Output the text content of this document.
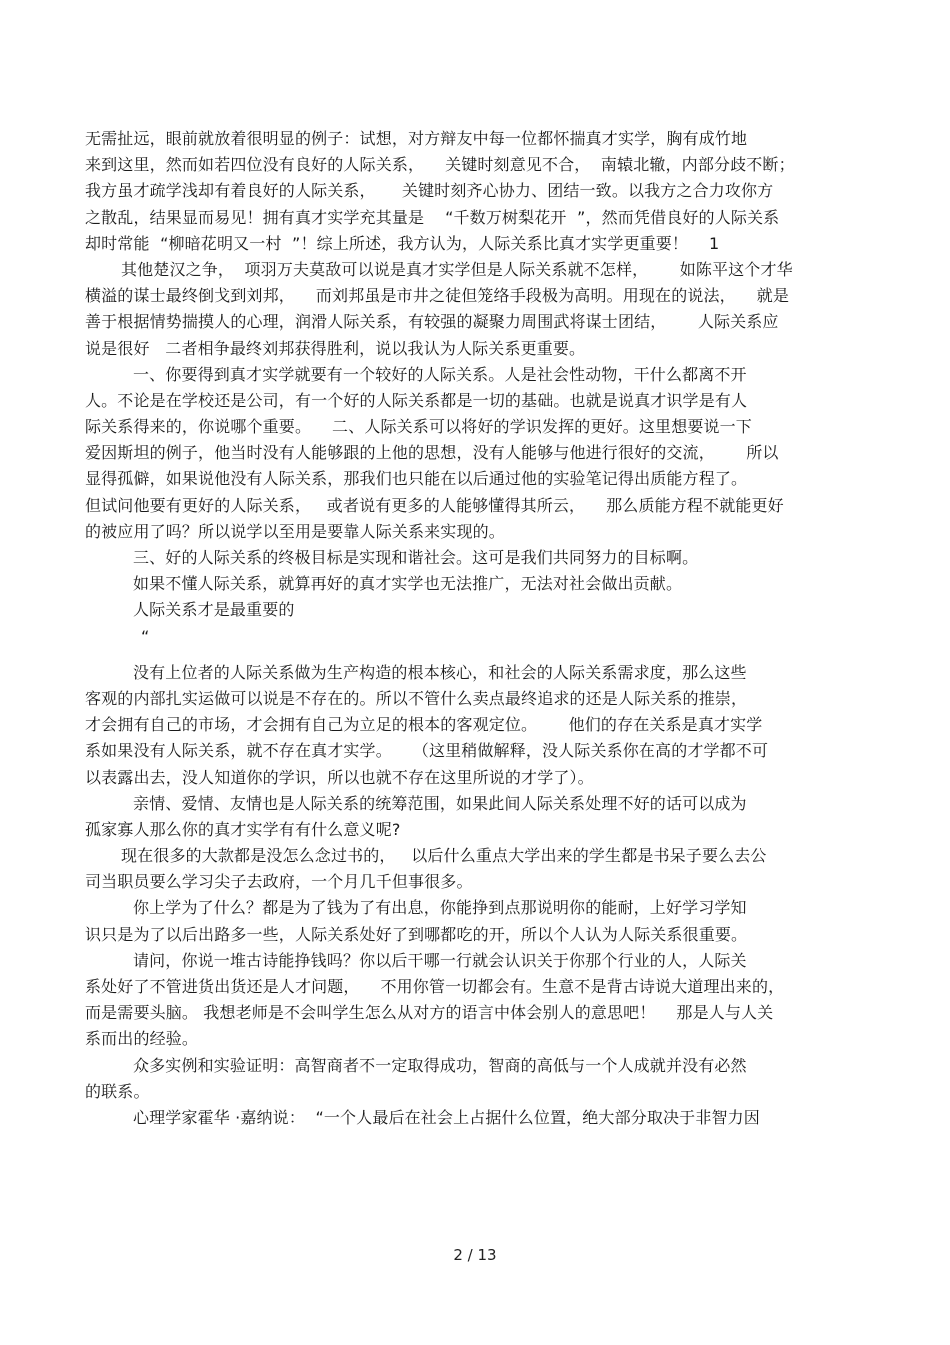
无需扯远，眼前就放着很明显的例子：试想，对方辩友中每一位都怀揣真才实学，胸有成竹地
来到这里，然而如若四位没有良好的人际关系，    关键时刻意见不合，  南辕北辙，内部分歧不断；
我方虽才疏学浅却有着良好的人际关系，     关键时刻齐心协力、团结一致。以我方之合力攻你方
之散乱，结果显而易见！拥有真才实学充其量是    “千数万树梨花开  ”，然而凭借良好的人际关系
却时常能  “柳暗花明又一村  ”！综上所述，我方认为，人际关系比真才实学更重要！    1
其他楚汉之争，  项羽万夫莫敌可以说是真才实学但是人际关系就不怎样，      如陈平这个才华
横溢的谋士最终倒戈到刘邦，    而刘邦虽是市井之徒但笼络手段极为高明。用现在的说法，    就是
善于根据情势揣摸人的心理，润滑人际关系，有较强的凝聚力周围武将谋士团结，      人际关系应
说是很好   二者相争最终刘邦获得胜利，说以我认为人际关系更重要。
一、你要得到真才实学就要有一个较好的人际关系。人是社会性动物，干什么都离不开
人。不论是在学校还是公司，有一个好的人际关系都是一切的基础。也就是说真才识学是有人
际关系得来的，你说哪个重要。    二、人际关系可以将好的学识发挥的更好。这里想要说一下
爱因斯坦的例子，他当时没有人能够跟的上他的思想，没有人能够与他进行很好的交流，      所以
显得孤僻，如果说他没有人际关系，那我们也只能在以后通过他的实验笔记得出质能方程了。
但试问他要有更好的人际关系，   或者说有更多的人能够懂得其所云，    那么质能方程不就能更好
的被应用了吗？所以说学以至用是要靠人际关系来实现的。
三、好的人际关系的终极目标是实现和谐社会。这可是我们共同努力的目标啊。
如果不懂人际关系，就算再好的真才实学也无法推广，无法对社会做出贡献。
人际关系才是最重要的
“
没有上位者的人际关系做为生产构造的根本核心，和社会的人际关系需求度，那么这些
客观的内部扎实运做可以说是不存在的。所以不管什么卖点最终追求的还是人际关系的推崇，
才会拥有自己的市场，才会拥有自己为立足的根本的客观定位。      他们的存在关系是真才实学
系如果没有人际关系，就不存在真才实学。    （这里稍做解释，没人际关系你在高的才学都不可
以表露出去，没人知道你的学识，所以也就不存在这里所说的才学了）。
亲情、爱情、友情也是人际关系的统筹范围，如果此间人际关系处理不好的话可以成为
孤家寡人那么你的真才实学有有什么意义呢?
现在很多的大款都是没怎么念过书的，   以后什么重点大学出来的学生都是书呆子要么去公
司当职员要么学习尖子去政府，一个月几千但事很多。
你上学为了什么？都是为了钱为了有出息，你能挣到点那说明你的能耐，上好学习学知
识只是为了以后出路多一些，人际关系处好了到哪都吃的开，所以个人认为人际关系很重要。
请问，你说一堆古诗能挣钱吗？你以后干哪一行就会认识关于你那个行业的人，人际关
系处好了不管进货出货还是人才问题，    不用你管一切都会有。生意不是背古诗说大道理出来的，
而是需要头脑。 我想老师是不会叫学生怎么从对方的语言中体会别人的意思吧！    那是人与人关
系而出的经验。
众多实例和实验证明：高智商者不一定取得成功，智商的高低与一个人成就并没有必然
的联系。
心理学家霍华 ·嘉纳说：  “一个人最后在社会上占据什么位置，绝大部分取决于非智力因
2 / 13
